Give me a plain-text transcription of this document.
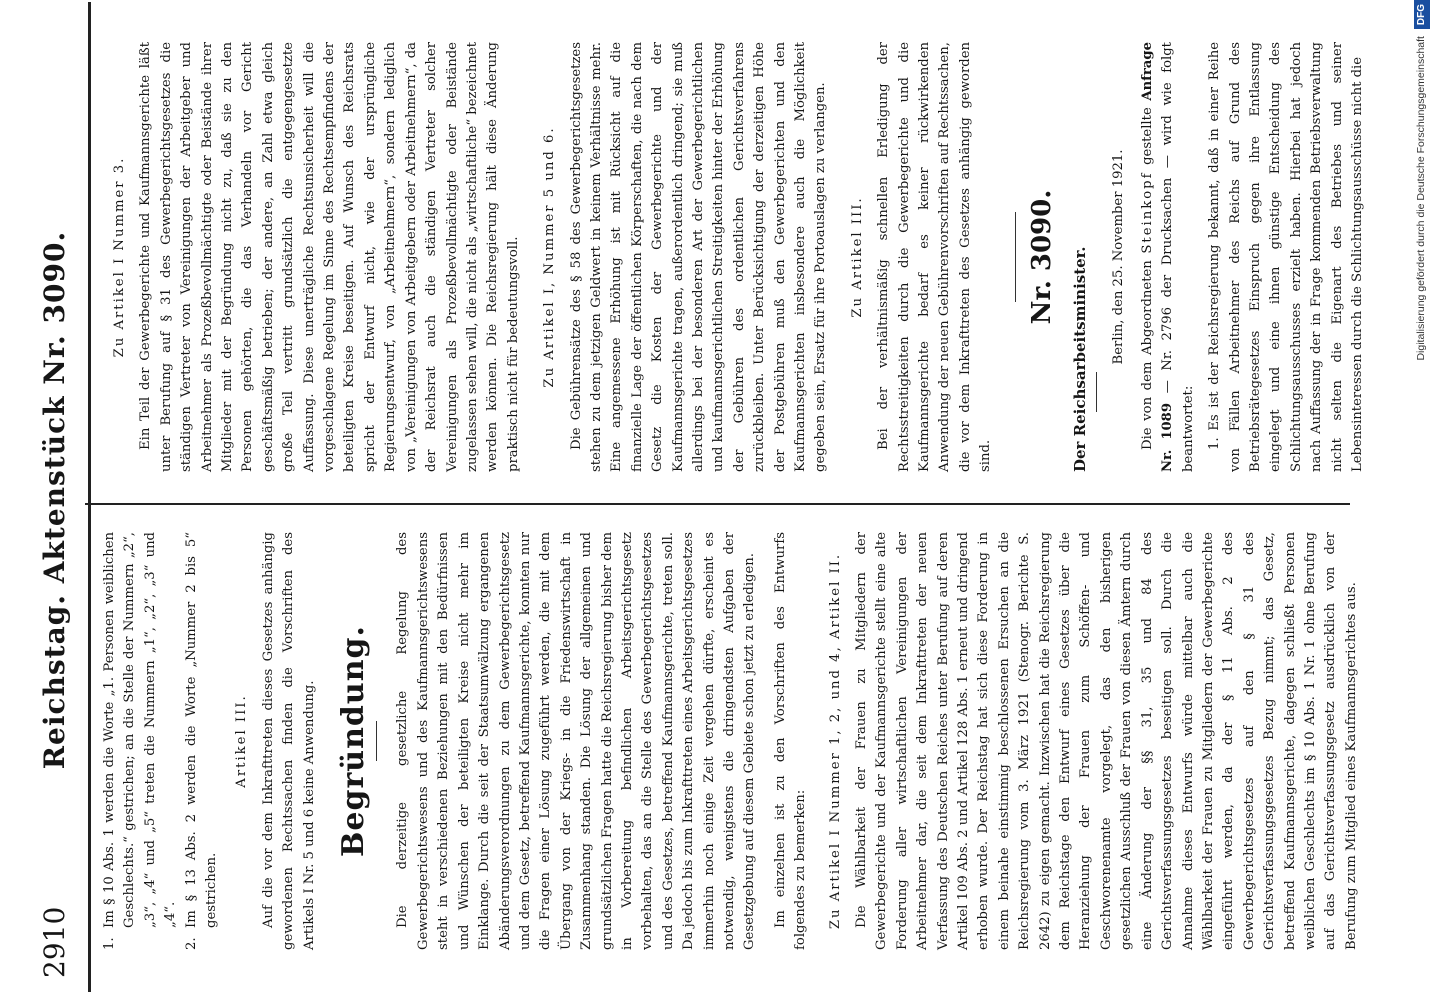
2910
Reichstag. Aktenstück Nr. 3090.
1.
Im § 10 Abs. 1 werden die Worte „1. Personen weiblichen Geschlechts.“ gestrichen; an die Stelle der Nummern „2“, „3“, „4“ und „5“ treten die Nummern „1“, „2“, „3“ und „4“.
2.
Im § 13 Abs. 2 werden die Worte „Nummer 2 bis 5“ gestrichen.
Artikel III. Auf die vor dem Inkrafttreten dieses Gesetzes anhängig gewordenen Rechtssachen finden die Vorschriften des Artikels I Nr. 5 und 6 keine Anwendung. Begründung. Die derzeitige gesetzliche Regelung des Gewerbegerichtswesens und des Kaufmannsgerichtswesens steht in verschiedenen Beziehungen mit den Bedürfnissen und Wünschen der beteiligten Kreise nicht mehr im Einklange. Durch die seit der Staatsumwälzung ergangenen Abänderungsverordnungen zu dem Gewerbegerichtsgesetz und dem Gesetz, betreffend Kaufmannsgerichte, konnten nur die Fragen einer Lösung zugeführt werden, die mit dem Übergang von der Kriegs- in die Friedenswirtschaft in Zusammenhang standen. Die Lösung der allgemeinen und grundsätzlichen Fragen hatte die Reichsregierung bisher dem in Vorbereitung befindlichen Arbeitsgerichtsgesetz vorbehalten, das an die Stelle des Gewerbegerichtsgesetzes und des Gesetzes, betreffend Kaufmannsgerichte, treten soll. Da jedoch bis zum Inkrafttreten eines Arbeitsgerichtsgesetzes immerhin noch einige Zeit vergehen dürfte, erscheint es notwendig, wenigstens die dringendsten Aufgaben der Gesetzgebung auf diesem Gebiete schon jetzt zu erledigen. Im einzelnen ist zu den Vorschriften des Entwurfs folgendes zu bemerken: Zu Artikel I Nummer 1, 2, und 4, Artikel II. Die Wählbarkeit der Frauen zu Mitgliedern der Gewerbegerichte und der Kaufmannsgerichte stellt eine alte Forderung aller wirtschaftlichen Vereinigungen der Arbeitnehmer dar, die seit dem Inkrafttreten der neuen Verfassung des Deutschen Reiches unter Berufung auf deren Artikel 109 Abs. 2 und Artikel 128 Abs. 1 erneut und dringend erhoben wurde. Der Reichstag hat sich diese Forderung in einem beinahe einstimmig beschlossenen Ersuchen an die Reichsregierung vom 3. März 1921 (Stenogr. Berichte S. 2642) zu eigen gemacht. Inzwischen hat die Reichsregierung dem Reichstage den Entwurf eines Gesetzes über die Heranziehung der Frauen zum Schöffen- und Geschworenenamte vorgelegt, das den bisherigen gesetzlichen Ausschluß der Frauen von diesen Ämtern durch eine Änderung der §§ 31, 35 und 84 des Gerichtsverfassungsgesetzes beseitigen soll. Durch die Annahme dieses Entwurfs würde mittelbar auch die Wählbarkeit der Frauen zu Mitgliedern der Gewerbegerichte eingeführt werden, da der § 11 Abs. 2 des Gewerbegerichtsgesetzes auf den § 31 des Gerichtsverfassungsgesetzes Bezug nimmt; das Gesetz, betreffend Kaufmannsgerichte, dagegen schließt Personen weiblichen Geschlechts im § 10 Abs. 1 Nr. 1 ohne Berufung auf das Gerichtsverfassungsgesetz ausdrücklich von der Berufung zum Mitglied eines Kaufmannsgerichtes aus.

Zu Artikel I Nummer 3. Ein Teil der Gewerbegerichte und Kaufmannsgerichte läßt unter Berufung auf § 31 des Gewerbegerichtsgesetzes die ständigen Vertreter von Vereinigungen der Arbeitgeber und Arbeitnehmer als Prozeßbevollmächtigte oder Beistände ihrer Mitglieder mit der Begründung nicht zu, daß sie zu den Personen gehörten, die das Verhandeln vor Gericht geschäftsmäßig betrieben; der andere, an Zahl etwa gleich große Teil vertritt grundsätzlich die entgegengesetzte Auffassung. Diese unerträgliche Rechtsunsicherheit will die vorgeschlagene Regelung im Sinne des Rechtsempfindens der beteiligten Kreise beseitigen. Auf Wunsch des Reichsrats spricht der Entwurf nicht, wie der ursprüngliche Regierungsentwurf, von „Arbeitnehmern“, sondern lediglich von „Vereinigungen von Arbeitgebern oder Arbeitnehmern“, da der Reichsrat auch die ständigen Vertreter solcher Vereinigungen als Prozeßbevollmächtigte oder Beistände zugelassen sehen will, die nicht als „wirtschaftliche“ bezeichnet werden können. Die Reichsregierung hält diese Änderung praktisch nicht für bedeutungsvoll. Zu Artikel I, Nummer 5 und 6. Die Gebührensätze des § 58 des Gewerbegerichtsgesetzes stehen zu dem jetzigen Geldwert in keinem Verhältnisse mehr. Eine angemessene Erhöhung ist mit Rücksicht auf die finanzielle Lage der öffentlichen Körperschaften, die nach dem Gesetz die Kosten der Gewerbegerichte und der Kaufmannsgerichte tragen, außerordentlich dringend; sie muß allerdings bei der besonderen Art der Gewerbegerichtlichen und kaufmannsgerichtlichen Streitigkeiten hinter der Erhöhung der Gebühren des ordentlichen Gerichtsverfahrens zurückbleiben. Unter Berücksichtigung der derzeitigen Höhe der Postgebühren muß den Gewerbegerichten und den Kaufmannsgerichten insbesondere auch die Möglichkeit gegeben sein, Ersatz für ihre Portoauslagen zu verlangen. Zu Artikel III. Bei der verhältnismäßig schnellen Erledigung der Rechtsstreitigkeiten durch die Gewerbegerichte und die Kaufmannsgerichte bedarf es keiner rückwirkenden Anwendung der neuen Gebührenvorschriften auf Rechtssachen, die vor dem Inkrafttreten des Gesetzes anhängig geworden sind.

Nr. 3090. Der Reichsarbeitsminister. Berlin, den 25. November 1921. Die von dem Abgeordneten Steinkopf gestellte Anfrage Nr. 1089 — Nr. 2796 der Drucksachen — wird wie folgt beantwortet: 1. Es ist der Reichsregierung bekannt, daß in einer Reihe von Fällen Arbeitnehmer des Reichs auf Grund des Betriebsrätegesetzes Einspruch gegen ihre Entlassung eingelegt und eine ihnen günstige Entscheidung des Schlichtungsausschusses erzielt haben. Hierbei hat jedoch nach Auffassung der in Frage kommenden Betriebsverwaltung nicht selten die Eigenart des Betriebes und seiner Lebensinteressen durch die Schlichtungsausschüsse nicht die	Digitalisierung gefördert durch die Deutsche Forschungsgemeinschaft DFG
